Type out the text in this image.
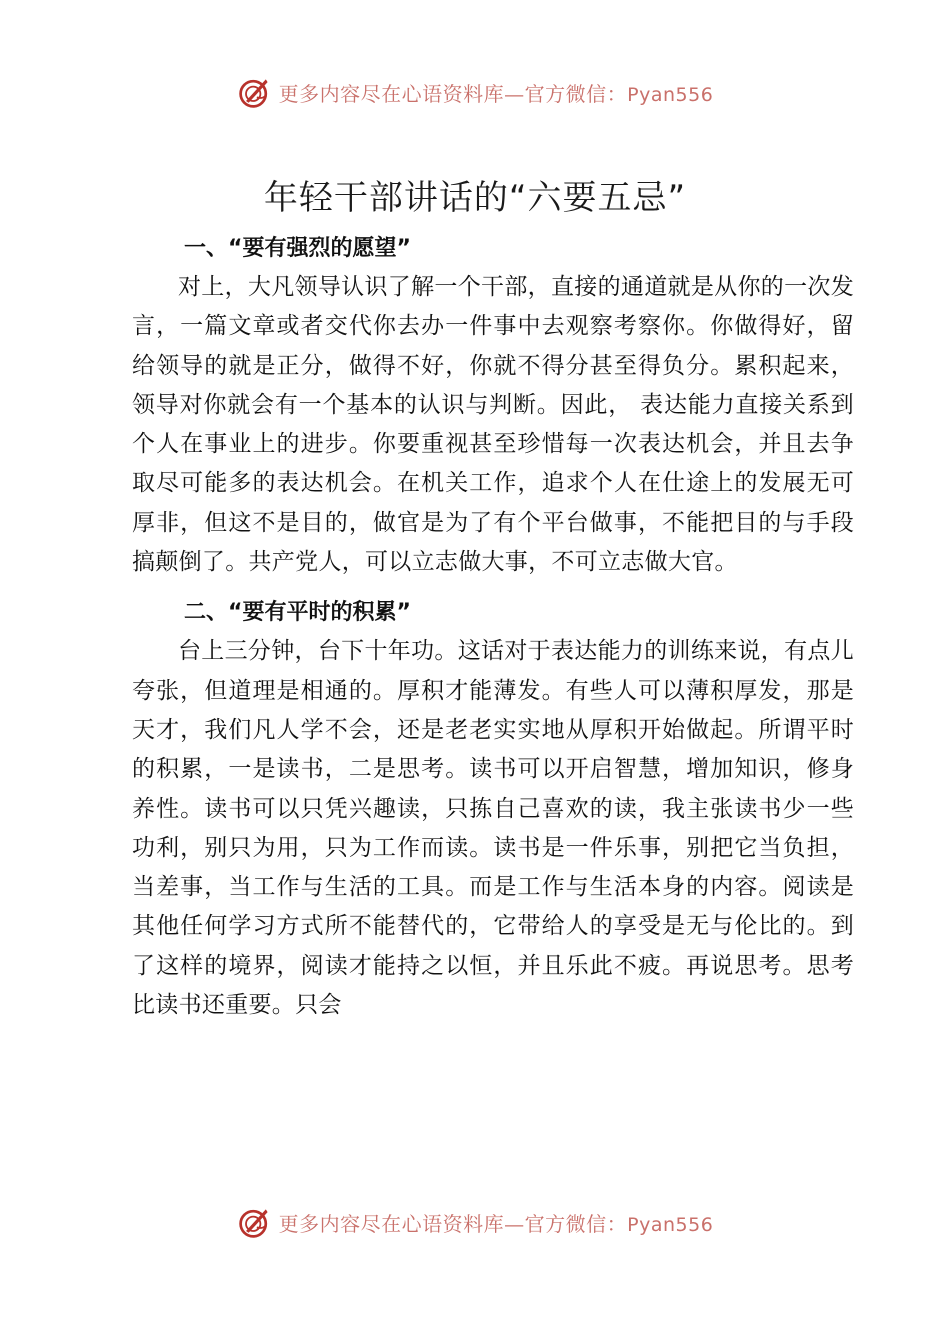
更多内容尽在心语资料库—官方微信：Pyan556
年轻干部讲话的“六要五忌”

一、“要有强烈的愿望”

对上，大凡领导认识了解一个干部，直接的通道就是从你的一次发言，一篇文章或者交代你去办一件事中去观察考察你。你做得好，留给领导的就是正分，做得不好，你就不得分甚至得负分。累积起来，领导对你就会有一个基本的认识与判断。因此， 表达能力直接关系到个人在事业上的进步。你要重视甚至珍惜每一次表达机会，并且去争取尽可能多的表达机会。在机关工作，追求个人在仕途上的发展无可厚非，但这不是目的，做官是为了有个平台做事，不能把目的与手段搞颠倒了。共产党人，可以立志做大事，不可立志做大官。

二、“要有平时的积累”

台上三分钟，台下十年功。这话对于表达能力的训练来说，有点儿夸张，但道理是相通的。厚积才能薄发。有些人可以薄积厚发，那是天才，我们凡人学不会，还是老老实实地从厚积开始做起。所谓平时的积累，一是读书，二是思考。读书可以开启智慧，增加知识，修身养性。读书可以只凭兴趣读，只拣自己喜欢的读，我主张读书少一些功利，别只为用，只为工作而读。读书是一件乐事，别把它当负担，当差事，当工作与生活的工具。而是工作与生活本身的内容。阅读是其他任何学习方式所不能替代的，它带给人的享受是无与伦比的。到了这样的境界，阅读才能持之以恒，并且乐此不疲。再说思考。思考比读书还重要。只会

更多内容尽在心语资料库—官方微信：Pyan556
